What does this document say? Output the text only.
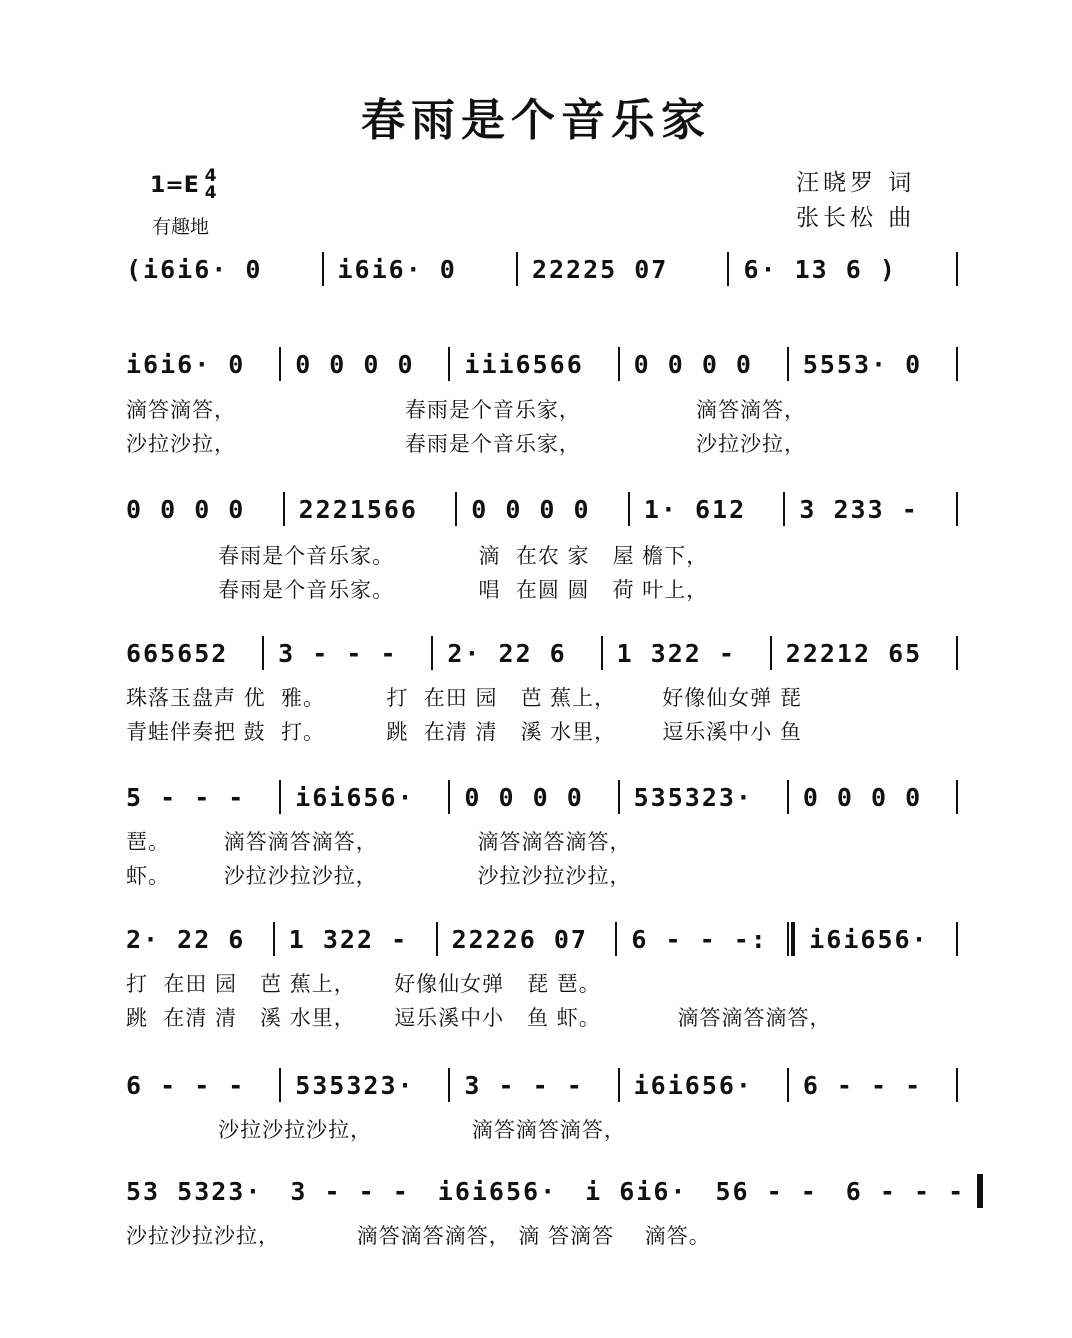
春雨是个音乐家
1=E 4
4
有趣地
汪晓罗 词
张长松 曲
(i6i6· 0	i6i6· 0	22225 07	6· 13 6 )
i6i6· 0	0 0 0 0	iii6566	0 0 0 0	5553· 0
滴答滴答，                      春雨是个音乐家，               滴答滴答，
沙拉沙拉，                      春雨是个音乐家，               沙拉沙拉，
0 0 0 0	2221566	0 0 0 0	1· 612	3 233 -
春雨是个音乐家。           滴  在农 家   屋 檐下，
春雨是个音乐家。           唱  在圆 圆   荷 叶上，
665652	3 - - -	2· 22 6	1 322 -	22212 65
珠落玉盘声 优  雅。        打  在田 园   芭 蕉上，      好像仙女弹 琵
青蛙伴奏把 鼓  打。        跳  在清 清   溪 水里，      逗乐溪中小 鱼
5 - - -	i6i656·	0 0 0 0	535323·	0 0 0 0
琶。       滴答滴答滴答，             滴答滴答滴答，
虾。       沙拉沙拉沙拉，             沙拉沙拉沙拉，
2· 22 6	1 322 -	22226 07	6 - - -:	i6i656·
打  在田 园   芭 蕉上，     好像仙女弹   琵 琶。
跳  在清 清   溪 水里，     逗乐溪中小   鱼 虾。          滴答滴答滴答，
6 - - -	535323·	3 - - -	i6i656·	6 - - -
沙拉沙拉沙拉，             滴答滴答滴答，
53 5323· 3 - - - i6i656· i 6i6· 56 - - 6 - - -
沙拉沙拉沙拉，          滴答滴答滴答， 滴 答滴答    滴答。
